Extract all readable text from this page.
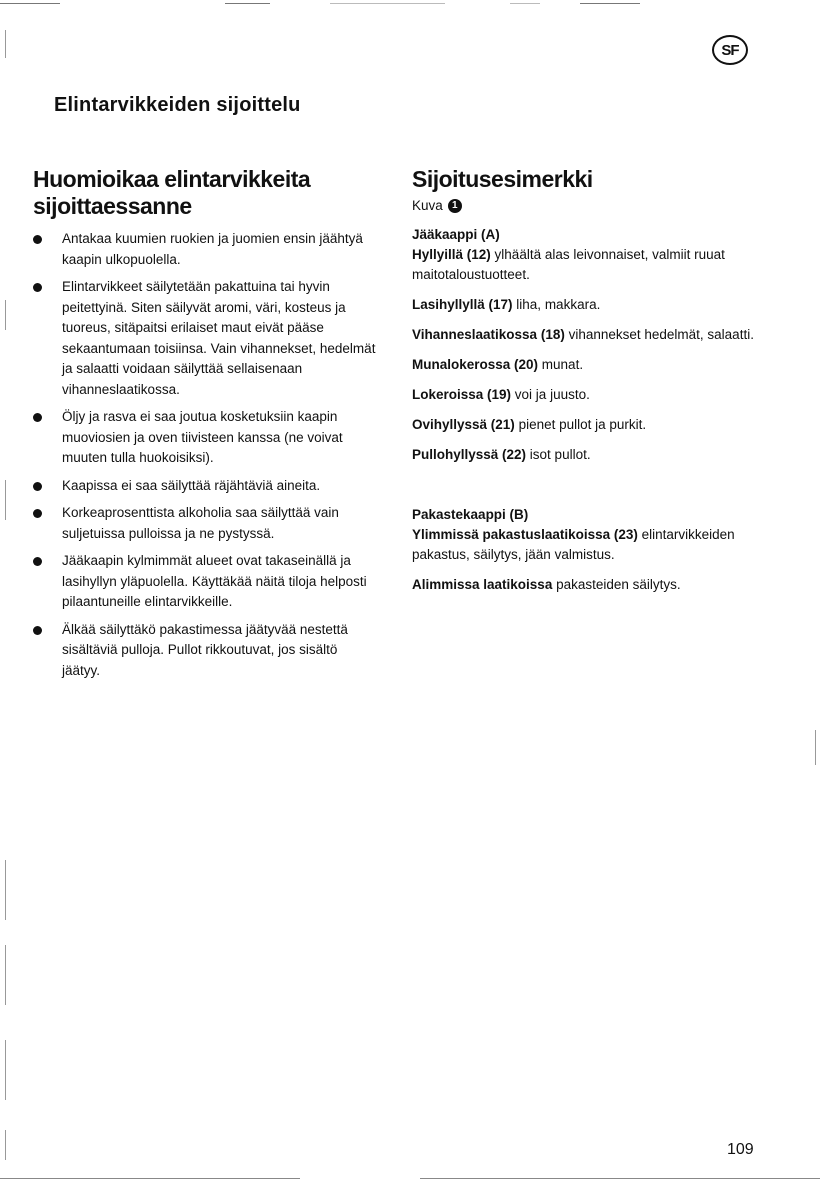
SF
Elintarvikkeiden sijoittelu
Huomioikaa elintarvikkeita sijoittaessanne
Antakaa kuumien ruokien ja juomien ensin jäähtyä kaapin ulkopuolella.
Elintarvikkeet säilytetään pakattuina tai hyvin peitettyinä. Siten säilyvät aromi, väri, kosteus ja tuoreus, sitäpaitsi erilaiset maut eivät pääse sekaantumaan toisiinsa. Vain vihannekset, hedelmät ja salaatti voidaan säilyttää sellaisenaan vihanneslaatikossa.
Öljy ja rasva ei saa joutua kosketuksiin kaapin muoviosien ja oven tiivisteen kanssa (ne voivat muuten tulla huokoisiksi).
Kaapissa ei saa säilyttää räjähtäviä aineita.
Korkeaprosenttista alkoholia saa säilyttää vain suljetuissa pulloissa ja ne pystyssä.
Jääkaapin kylmimmät alueet ovat takaseinällä ja lasihyllyn yläpuolella. Käyttäkää näitä tiloja helposti pilaantuneille elintarvikkeille.
Älkää säilyttäkö pakastimessa jäätyvää nestettä sisältäviä pulloja. Pullot rikkoutuvat, jos sisältö jäätyy.
Sijoitusesimerkki
Kuva 1

Jääkaappi (A)

Hyllyillä (12) ylhäältä alas leivonnaiset, valmiit ruuat maitotaloustuotteet.

Lasihyllyllä (17) liha, makkara.

Vihanneslaatikossa (18) vihannekset hedelmät, salaatti.

Munalokerossa (20) munat.

Lokeroissa (19) voi ja juusto.

Ovihyllyssä (21) pienet pullot ja purkit.

Pullohyllyssä (22) isot pullot.

Pakastekaappi (B)

Ylimmissä pakastuslaatikoissa (23) elintarvikkeiden pakastus, säilytys, jään valmistus.

Alimmissa laatikoissa pakasteiden säilytys.

109
